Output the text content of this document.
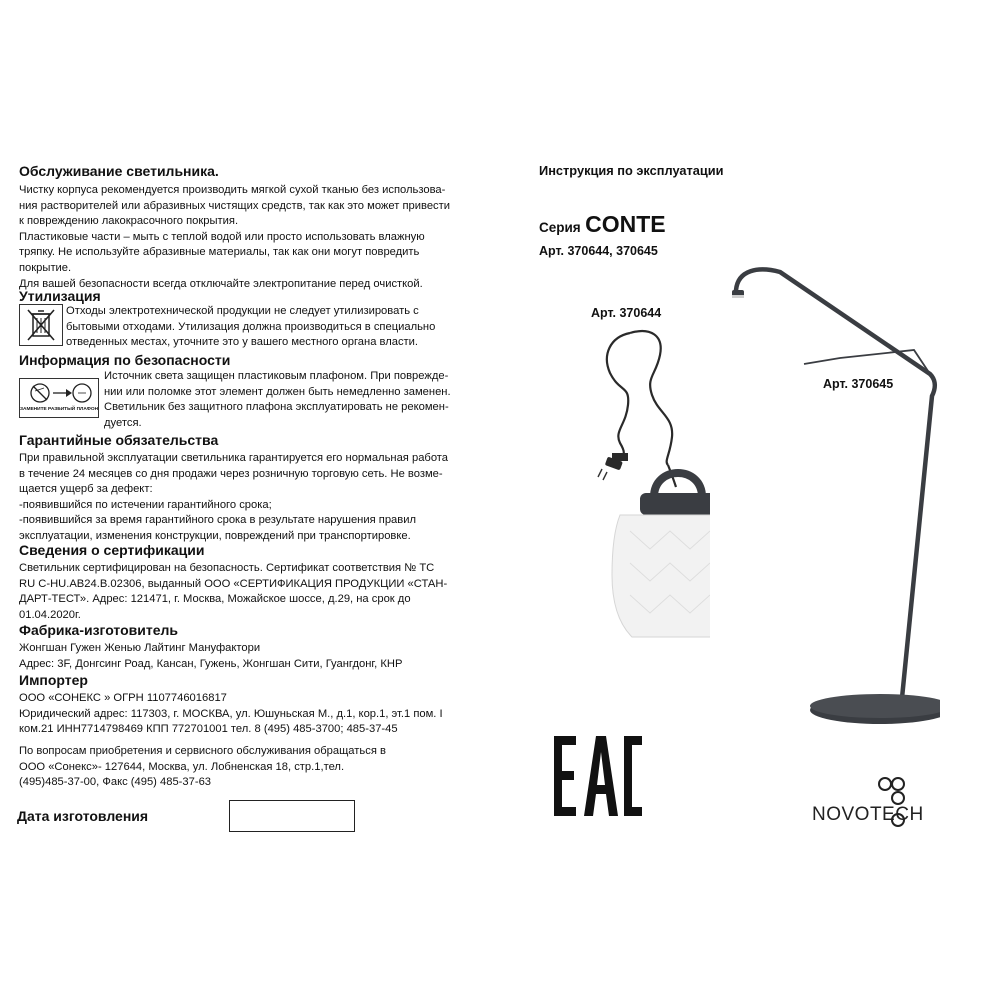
Обслуживание светильника.

Чистку корпуса рекомендуется производить мягкой сухой тканью без использова-

ния растворителей или абразивных чистящих средств, так как это может привести

к повреждению лакокрасочного покрытия.

Пластиковые части – мыть с теплой водой или просто использовать влажную

тряпку. Не используйте абразивные материалы, так как они могут повредить

покрытие.

Для вашей безопасности всегда отключайте электропитание перед очисткой.

Утилизация

Отходы электротехнической продукции не следует утилизировать с

бытовыми отходами. Утилизация должна производиться в специально

отведенных местах, уточните это у вашего местного органа власти.

Информация по безопасности

ЗАМЕНИТЕ РАЗБИТЫЙ ПЛАФОН

Источник света защищен пластиковым плафоном. При поврежде-

нии или поломке этот элемент должен быть немедленно заменен.

Светильник без защитного плафона эксплуатировать не рекомен-

дуется.

Гарантийные обязательства

При правильной эксплуатации светильника гарантируется его нормальная работа

в течение 24 месяцев со дня продажи через розничную торговую сеть. Не возме-

щается ущерб за дефект:

-появившийся по истечении гарантийного срока;

-появившийся за время гарантийного срока в результате нарушения правил

эксплуатации, изменения конструкции, повреждений при транспортировке.

Сведения о сертификации

Светильник сертифицирован на безопасность. Сертификат соответствия № ТС

RU C-HU.AB24.B.02306, выданный ООО «СЕРТИФИКАЦИЯ ПРОДУКЦИИ «СТАН-

ДАРТ-ТЕСТ». Адрес: 121471, г. Москва, Можайское шоссе, д.29, на срок до

01.04.2020г.

Фабрика-изготовитель

Жонгшан Гужен Женью Лайтинг Мануфактори

Адрес: 3F, Донгсинг Роад, Кансан, Гужень, Жонгшан Сити, Гуангдонг, КНР

Импортер

ООО «СОНЕКС » ОГРН 1107746016817

Юридический адрес: 117303, г. МОСКВА, ул. Юшуньская М., д.1, кор.1, эт.1 пом. I

ком.21 ИНН7714798469 КПП 772701001 тел. 8 (495) 485-3700; 485-37-45

По вопросам приобретения и сервисного обслуживания обращаться в

ООО «Сонекс»- 127644, Москва, ул. Лобненская 18, стр.1,тел.

(495)485-37-00, Факс (495) 485-37-63

Дата изготовления
Инструкция по эксплуатации
Серия CONTE
Арт. 370644, 370645
Арт. 370644
Арт. 370645
NOVOTECH
